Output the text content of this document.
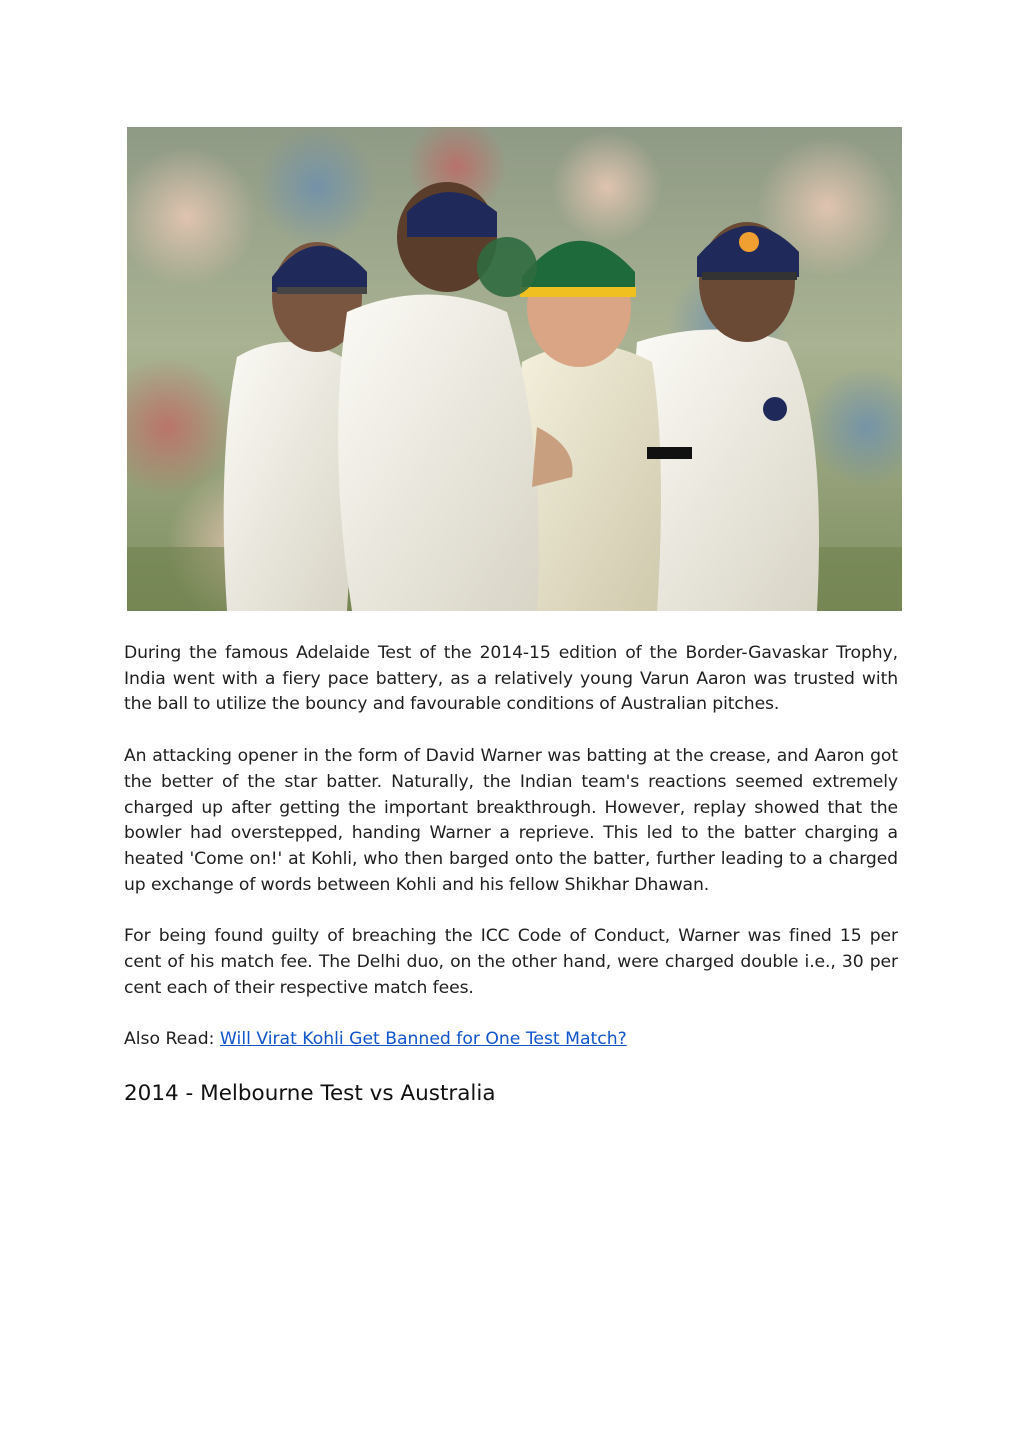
During the famous Adelaide Test of the 2014-15 edition of the Border-Gavaskar Trophy, India went with a fiery pace battery, as a relatively young Varun Aaron was trusted with the ball to utilize the bouncy and favourable conditions of Australian pitches.

An attacking opener in the form of David Warner was batting at the crease, and Aaron got the better of the star batter. Naturally, the Indian team's reactions seemed extremely charged up after getting the important breakthrough. However, replay showed that the bowler had overstepped, handing Warner a reprieve. This led to the batter charging a heated 'Come on!' at Kohli, who then barged onto the batter, further leading to a charged up exchange of words between Kohli and his fellow Shikhar Dhawan.

For being found guilty of breaching the ICC Code of Conduct, Warner was fined 15 per cent of his match fee. The Delhi duo, on the other hand, were charged double i.e., 30 per cent each of their respective match fees.

Also Read: Will Virat Kohli Get Banned for One Test Match?

2014 - Melbourne Test vs Australia
